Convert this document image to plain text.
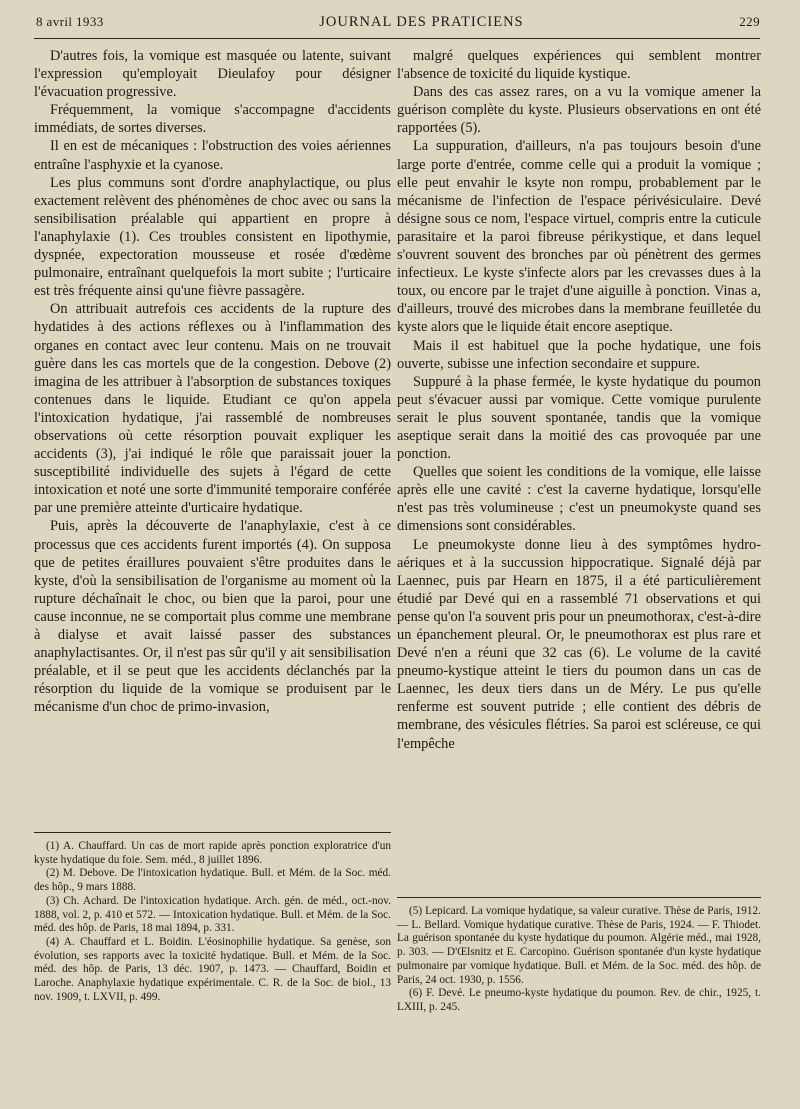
8 avril 1933	JOURNAL DES PRATICIENS	229

D'autres fois, la vomique est masquée ou latente, suivant l'expression qu'employait Dieulafoy pour désigner l'évacuation progressive.

Fréquemment, la vomique s'accompagne d'accidents immédiats, de sortes diverses.

Il en est de mécaniques : l'obstruction des voies aériennes entraîne l'asphyxie et la cyanose.

Les plus communs sont d'ordre anaphylactique, ou plus exactement relèvent des phénomènes de choc avec ou sans la sensibilisation préalable qui appartient en propre à l'anaphylaxie (1). Ces troubles consistent en lipothymie, dyspnée, expectoration mousseuse et rosée d'œdème pulmonaire, entraînant quelquefois la mort subite ; l'urticaire est très fréquente ainsi qu'une fièvre passagère.

On attribuait autrefois ces accidents de la rupture des hydatides à des actions réflexes ou à l'inflammation des organes en contact avec leur contenu. Mais on ne trouvait guère dans les cas mortels que de la congestion. Debove (2) imagina de les attribuer à l'absorption de substances toxiques contenues dans le liquide. Etudiant ce qu'on appela l'intoxication hydatique, j'ai rassemblé de nombreuses observations où cette résorption pouvait expliquer les accidents (3), j'ai indiqué le rôle que paraissait jouer la susceptibilité individuelle des sujets à l'égard de cette intoxication et noté une sorte d'immunité temporaire conférée par une première atteinte d'urticaire hydatique.

Puis, après la découverte de l'anaphylaxie, c'est à ce processus que ces accidents furent importés (4). On supposa que de petites éraillures pouvaient s'être produites dans le kyste, d'où la sensibilisation de l'organisme au moment où la rupture déchaînait le choc, ou bien que la paroi, pour une cause inconnue, ne se comportait plus comme une membrane à dialyse et avait laissé passer des substances anaphylactisantes. Or, il n'est pas sûr qu'il y ait sensibilisation préalable, et il se peut que les accidents déclanchés par la résorption du liquide de la vomique se produisent par le mécanisme d'un choc de primo-invasion,

malgré quelques expériences qui semblent montrer l'absence de toxicité du liquide kystique.

Dans des cas assez rares, on a vu la vomique amener la guérison complète du kyste. Plusieurs observations en ont été rapportées (5).

La suppuration, d'ailleurs, n'a pas toujours besoin d'une large porte d'entrée, comme celle qui a produit la vomique ; elle peut envahir le ksyte non rompu, probablement par le mécanisme de l'infection de l'espace périvésiculaire. Devé désigne sous ce nom, l'espace virtuel, compris entre la cuticule parasitaire et la paroi fibreuse périkystique, et dans lequel s'ouvrent souvent des bronches par où pénètrent des germes infectieux. Le kyste s'infecte alors par les crevasses dues à la toux, ou encore par le trajet d'une aiguille à ponction. Vinas a, d'ailleurs, trouvé des microbes dans la membrane feuilletée du kyste alors que le liquide était encore aseptique.

Mais il est habituel que la poche hydatique, une fois ouverte, subisse une infection secondaire et suppure.

Suppuré à la phase fermée, le kyste hydatique du poumon peut s'évacuer aussi par vomique. Cette vomique purulente serait le plus souvent spontanée, tandis que la vomique aseptique serait dans la moitié des cas provoquée par une ponction.

Quelles que soient les conditions de la vomique, elle laisse après elle une cavité : c'est la caverne hydatique, lorsqu'elle n'est pas très volumineuse ; c'est un pneumokyste quand ses dimensions sont considérables.

Le pneumokyste donne lieu à des symptômes hydro-aériques et à la succussion hippocratique. Signalé déjà par Laennec, puis par Hearn en 1875, il a été particulièrement étudié par Devé qui en a rassemblé 71 observations et qui pense qu'on l'a souvent pris pour un pneumothorax, c'est-à-dire un épanchement pleural. Or, le pneumothorax est plus rare et Devé n'en a réuni que 32 cas (6). Le volume de la cavité pneumo-kystique atteint le tiers du poumon dans un cas de Laennec, les deux tiers dans un de Méry. Le pus qu'elle renferme est souvent putride ; elle contient des débris de membrane, des vésicules flétries. Sa paroi est scléreuse, ce qui l'empêche

(1) A. Chauffard. Un cas de mort rapide après ponction exploratrice d'un kyste hydatique du foie. Sem. méd., 8 juillet 1896.

(2) M. Debove. De l'intoxication hydatique. Bull. et Mém. de la Soc. méd. des hôp., 9 mars 1888.

(3) Ch. Achard. De l'intoxication hydatique. Arch. gén. de méd., oct.-nov. 1888, vol. 2, p. 410 et 572. — Intoxication hydatique. Bull. et Mém. de la Soc. méd. des hôp. de Paris, 18 mai 1894, p. 331.

(4) A. Chauffard et L. Boidin. L'éosinophilie hydatique. Sa genèse, son évolution, ses rapports avec la toxicité hydatique. Bull. et Mém. de la Soc. méd. des hôp. de Paris, 13 déc. 1907, p. 1473. — Chauffard, Boidin et Laroche. Anaphylaxie hydatique expérimentale. C. R. de la Soc. de biol., 13 nov. 1909, t. LXVII, p. 499.

(5) Lepicard. La vomique hydatique, sa valeur curative. Thèse de Paris, 1912. — L. Bellard. Vomique hydatique curative. Thèse de Paris, 1924. — F. Thiodet. La guérison spontanée du kyste hydatique du poumon. Algérie méd., mai 1928, p. 303. — D'Œlsnitz et E. Carcopino. Guérison spontanée d'un kyste hydatique pulmonaire par vomique hydatique. Bull. et Mém. de la Soc. méd. des hôp. de Paris, 24 oct. 1930, p. 1556.

(6) F. Devé. Le pneumo-kyste hydatique du poumon. Rev. de chir., 1925, t. LXIII, p. 245.
